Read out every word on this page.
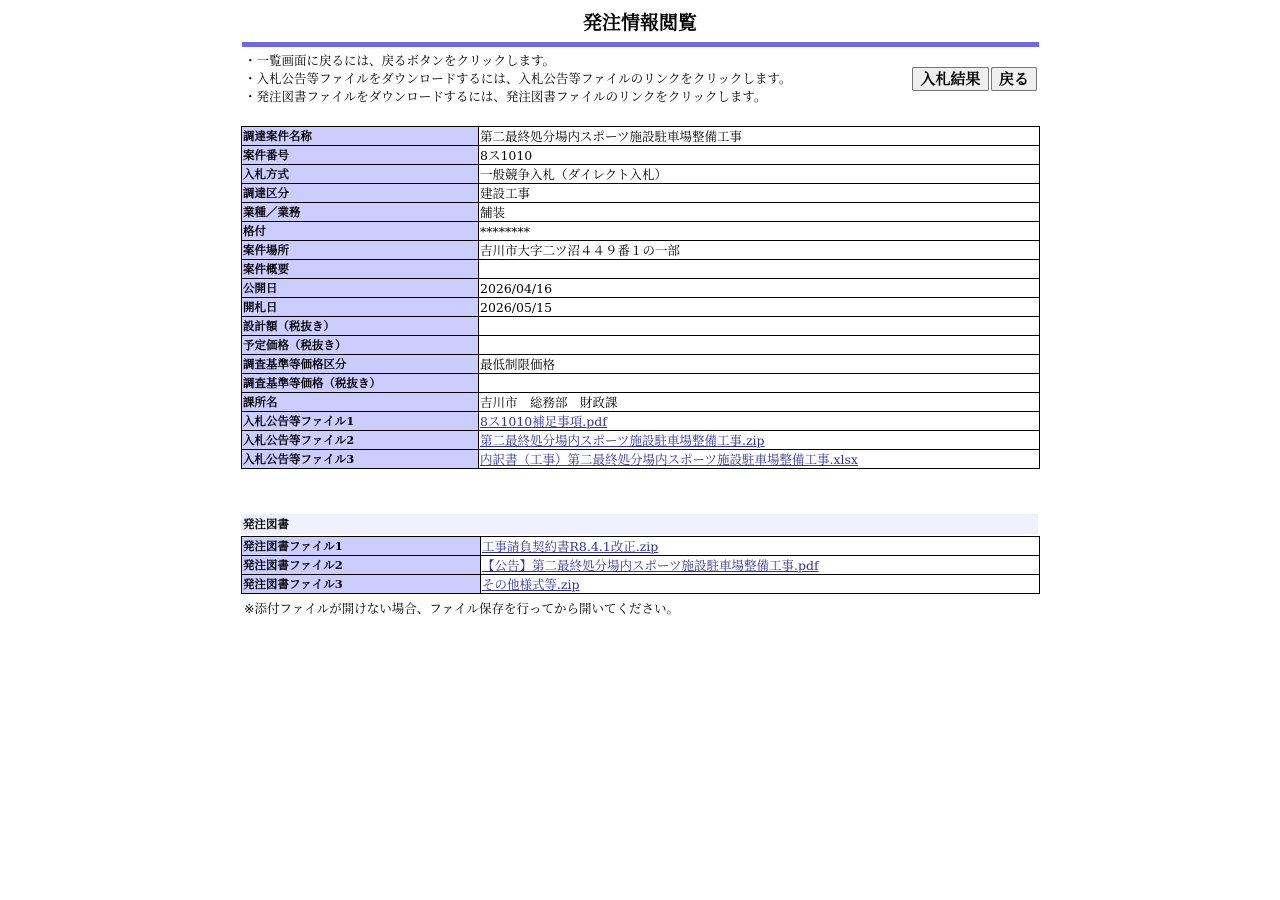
発注情報閲覧
・一覧画面に戻るには、戻るボタンをクリックします。
・入札公告等ファイルをダウンロードするには、入札公告等ファイルのリンクをクリックします。
・発注図書ファイルをダウンロードするには、発注図書ファイルのリンクをクリックします。
入札結果	戻る
調達案件名称	第二最終処分場内スポーツ施設駐車場整備工事
案件番号	8ス1010
入札方式	一般競争入札（ダイレクト入札）
調達区分	建設工事
業種／業務	舗装
格付	********
案件場所	吉川市大字二ツ沼４４９番１の一部
案件概要	
公開日	2026/04/16
開札日	2026/05/15
設計額（税抜き）	
予定価格（税抜き）	
調査基準等価格区分	最低制限価格
調査基準等価格（税抜き）	
課所名	吉川市　総務部　財政課
入札公告等ファイル1	8ス1010補足事項.pdf
入札公告等ファイル2	第二最終処分場内スポーツ施設駐車場整備工事.zip
入札公告等ファイル3	内訳書（工事）第二最終処分場内スポーツ施設駐車場整備工事.xlsx
発注図書
発注図書ファイル1	工事請負契約書R8.4.1改正.zip
発注図書ファイル2	【公告】第二最終処分場内スポーツ施設駐車場整備工事.pdf
発注図書ファイル3	その他様式等.zip
※添付ファイルが開けない場合、ファイル保存を行ってから開いてください。
